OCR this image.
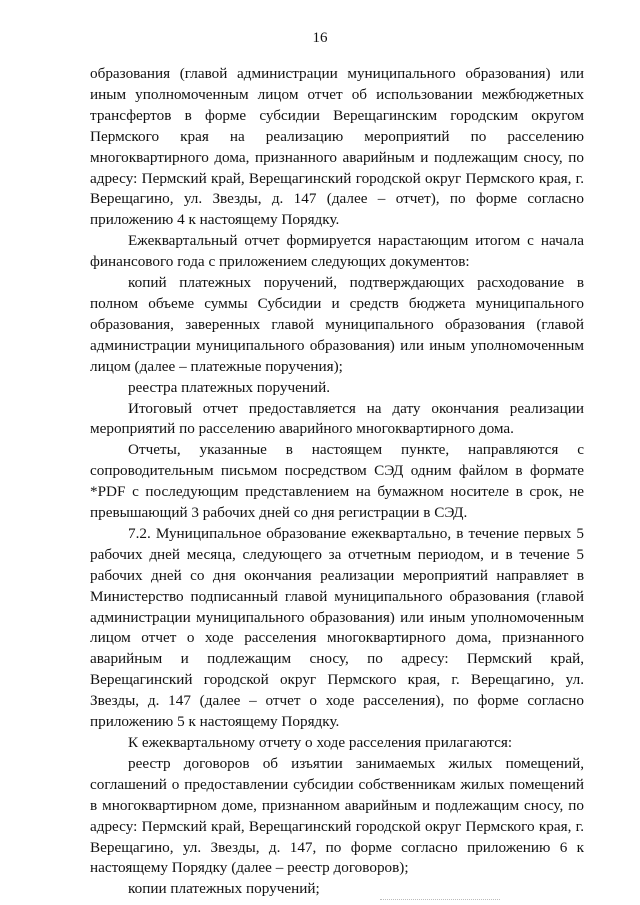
16

образования (главой администрации муниципального образования) или иным уполномоченным лицом отчет об использовании межбюджетных трансфертов в форме субсидии Верещагинским городским округом Пермского края на реализацию мероприятий по расселению многоквартирного дома, признанного аварийным и подлежащим сносу, по адресу: Пермский край, Верещагинский городской округ Пермского края, г. Верещагино, ул. Звезды, д. 147 (далее – отчет), по форме согласно приложению 4 к настоящему Порядку.

Ежеквартальный отчет формируется нарастающим итогом с начала финансового года с приложением следующих документов:

копий платежных поручений, подтверждающих расходование в полном объеме суммы Субсидии и средств бюджета муниципального образования, заверенных главой муниципального образования (главой администрации муниципального образования) или иным уполномоченным лицом (далее – платежные поручения);

реестра платежных поручений.

Итоговый отчет предоставляется на дату окончания реализации мероприятий по расселению аварийного многоквартирного дома.

Отчеты, указанные в настоящем пункте, направляются с сопроводительным письмом посредством СЭД одним файлом в формате *PDF с последующим представлением на бумажном носителе в срок, не превышающий 3 рабочих дней со дня регистрации в СЭД.

7.2. Муниципальное образование ежеквартально, в течение первых 5 рабочих дней месяца, следующего за отчетным периодом, и в течение 5 рабочих дней со дня окончания реализации мероприятий направляет в Министерство подписанный главой муниципального образования (главой администрации муниципального образования) или иным уполномоченным лицом отчет о ходе расселения многоквартирного дома, признанного аварийным и подлежащим сносу, по адресу: Пермский край, Верещагинский городской округ Пермского края, г. Верещагино, ул. Звезды, д. 147 (далее – отчет о ходе расселения), по форме согласно приложению 5 к настоящему Порядку.

К ежеквартальному отчету о ходе расселения прилагаются:

реестр договоров об изъятии занимаемых жилых помещений, соглашений о предоставлении субсидии собственникам жилых помещений в многоквартирном доме, признанном аварийным и подлежащим сносу, по адресу: Пермский край, Верещагинский городской округ Пермского края, г. Верещагино, ул. Звезды, д. 147, по форме согласно приложению 6 к настоящему Порядку (далее – реестр договоров);

копии платежных поручений;
